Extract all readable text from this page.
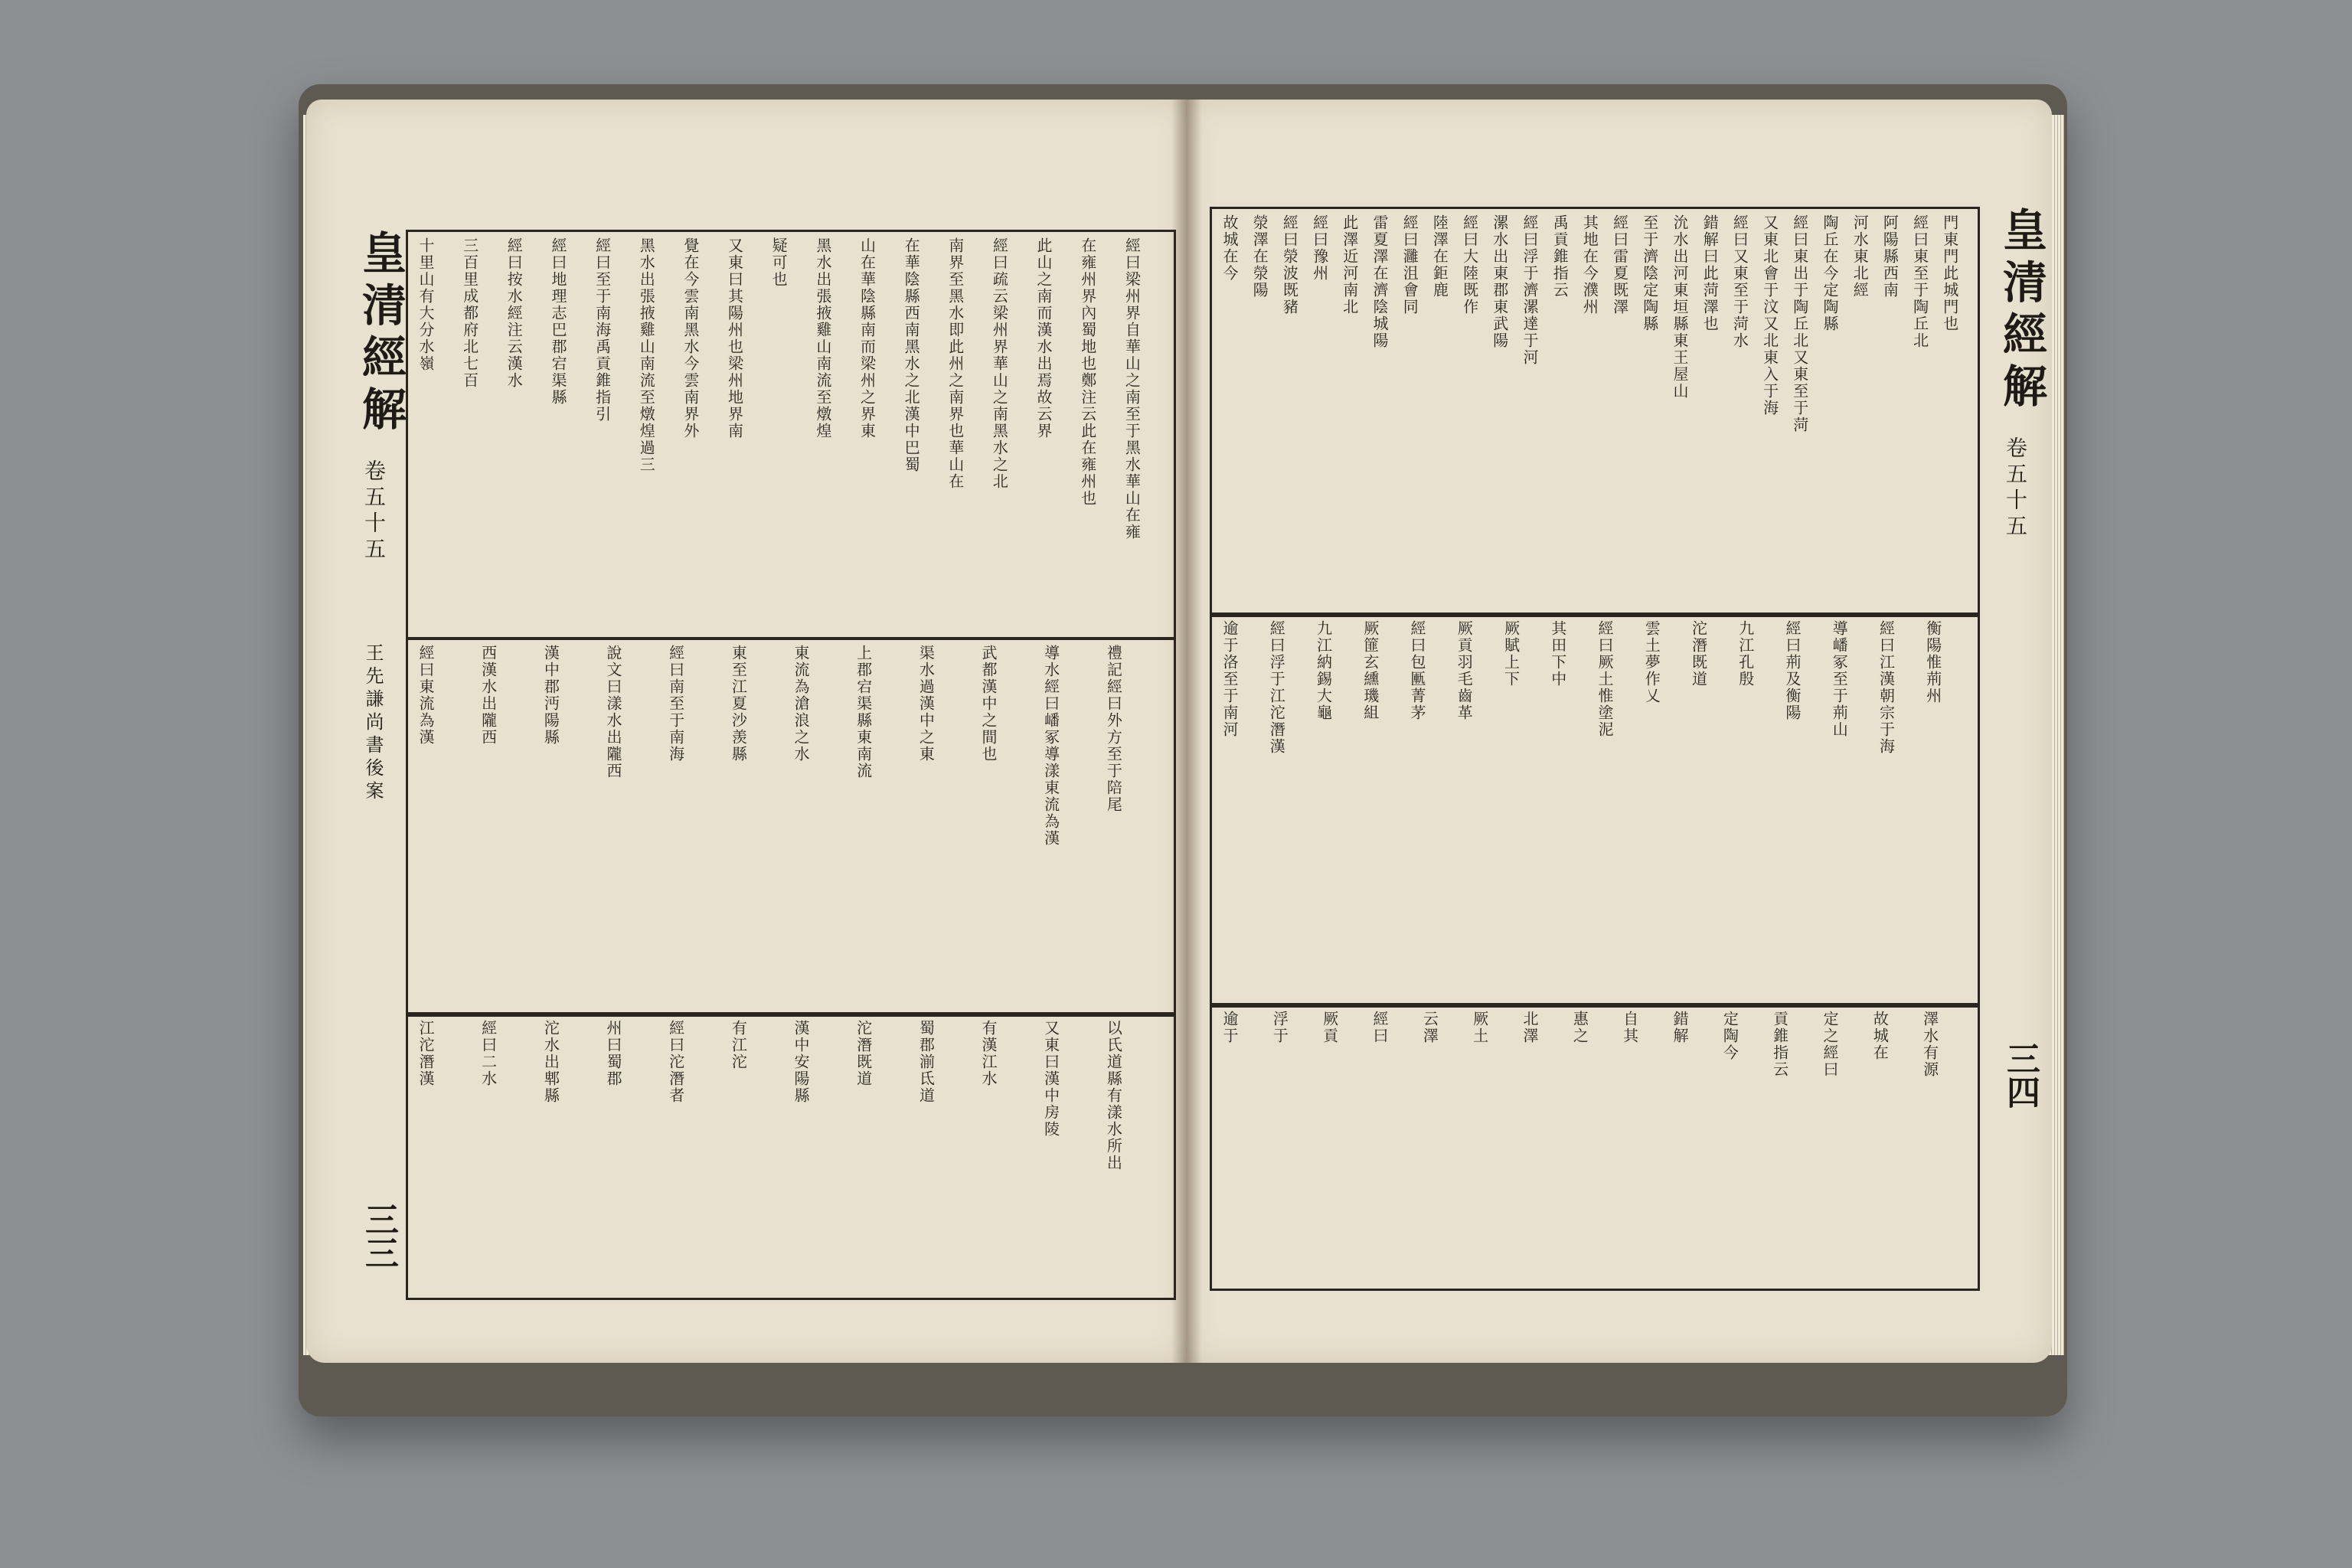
皇清經解
卷五十五
王先謙尚書後案
三三
經曰梁州界自華山之南至于黑水華山在雍
在雍州界內蜀地也鄭注云此在雍州也
此山之南而漢水出焉故云界
經曰疏云梁州界華山之南黑水之北
南界至黑水即此州之南界也華山在
在華陰縣西南黑水之北漢中巴蜀
山在華陰縣南而梁州之界東
黑水出張掖雞山南流至燉煌
疑可也
又東曰其陽州也梁州地界南
覺在今雲南黑水今雲南界外
黑水出張掖雞山南流至燉煌過三
經曰至于南海禹貢錐指引
經曰地理志巴郡宕渠縣
經曰按水經注云漢水
三百里成都府北七百
十里山有大分水嶺
禮記經曰外方至于陪尾
導水經曰嶓冢導漾東流為漢
武都漢中之間也
渠水過漢中之東
上郡宕渠縣東南流
東流為滄浪之水
東至江夏沙羡縣
經曰南至于南海
說文曰漾水出隴西
漢中郡沔陽縣
西漢水出隴西
經曰東流為漢
以氏道縣有漾水所出
又東曰漢中房陵
有漢江水
蜀郡湔氐道
沱潛既道
漢中安陽縣
有江沱
經曰沱潛者
州曰蜀郡
沱水出郫縣
經曰二水
江沱潛漢
皇清經解
卷五十五
三四
門東門此城門也
經曰東至于陶丘北
阿陽縣西南
河水東北經
陶丘在今定陶縣
經曰東出于陶丘北又東至于菏
又東北會于汶又北東入于海
經曰又東至于菏水
錯解曰此菏澤也
沇水出河東垣縣東王屋山
至于濟陰定陶縣
經曰雷夏既澤
其地在今濮州
禹貢錐指云
經曰浮于濟漯達于河
漯水出東郡東武陽
經曰大陸既作
陸澤在鉅鹿
經曰灉沮會同
雷夏澤在濟陰城陽
此澤近河南北
經曰豫州
經曰滎波既豬
滎澤在滎陽
故城在今
衡陽惟荊州
經曰江漢朝宗于海
導嶓冢至于荊山
經曰荊及衡陽
九江孔殷
沱潛既道
雲土夢作乂
經曰厥土惟塗泥
其田下中
厥賦上下
厥貢羽毛齒革
經曰包匭菁茅
厥篚玄纁璣組
九江納錫大龜
經曰浮于江沱潛漢
逾于洛至于南河
澤水有源
故城在
定之經曰
貢錐指云
定陶今
錯解
自其
惠之
北澤
厥土
云澤
經曰
厥貢
浮于
逾于
